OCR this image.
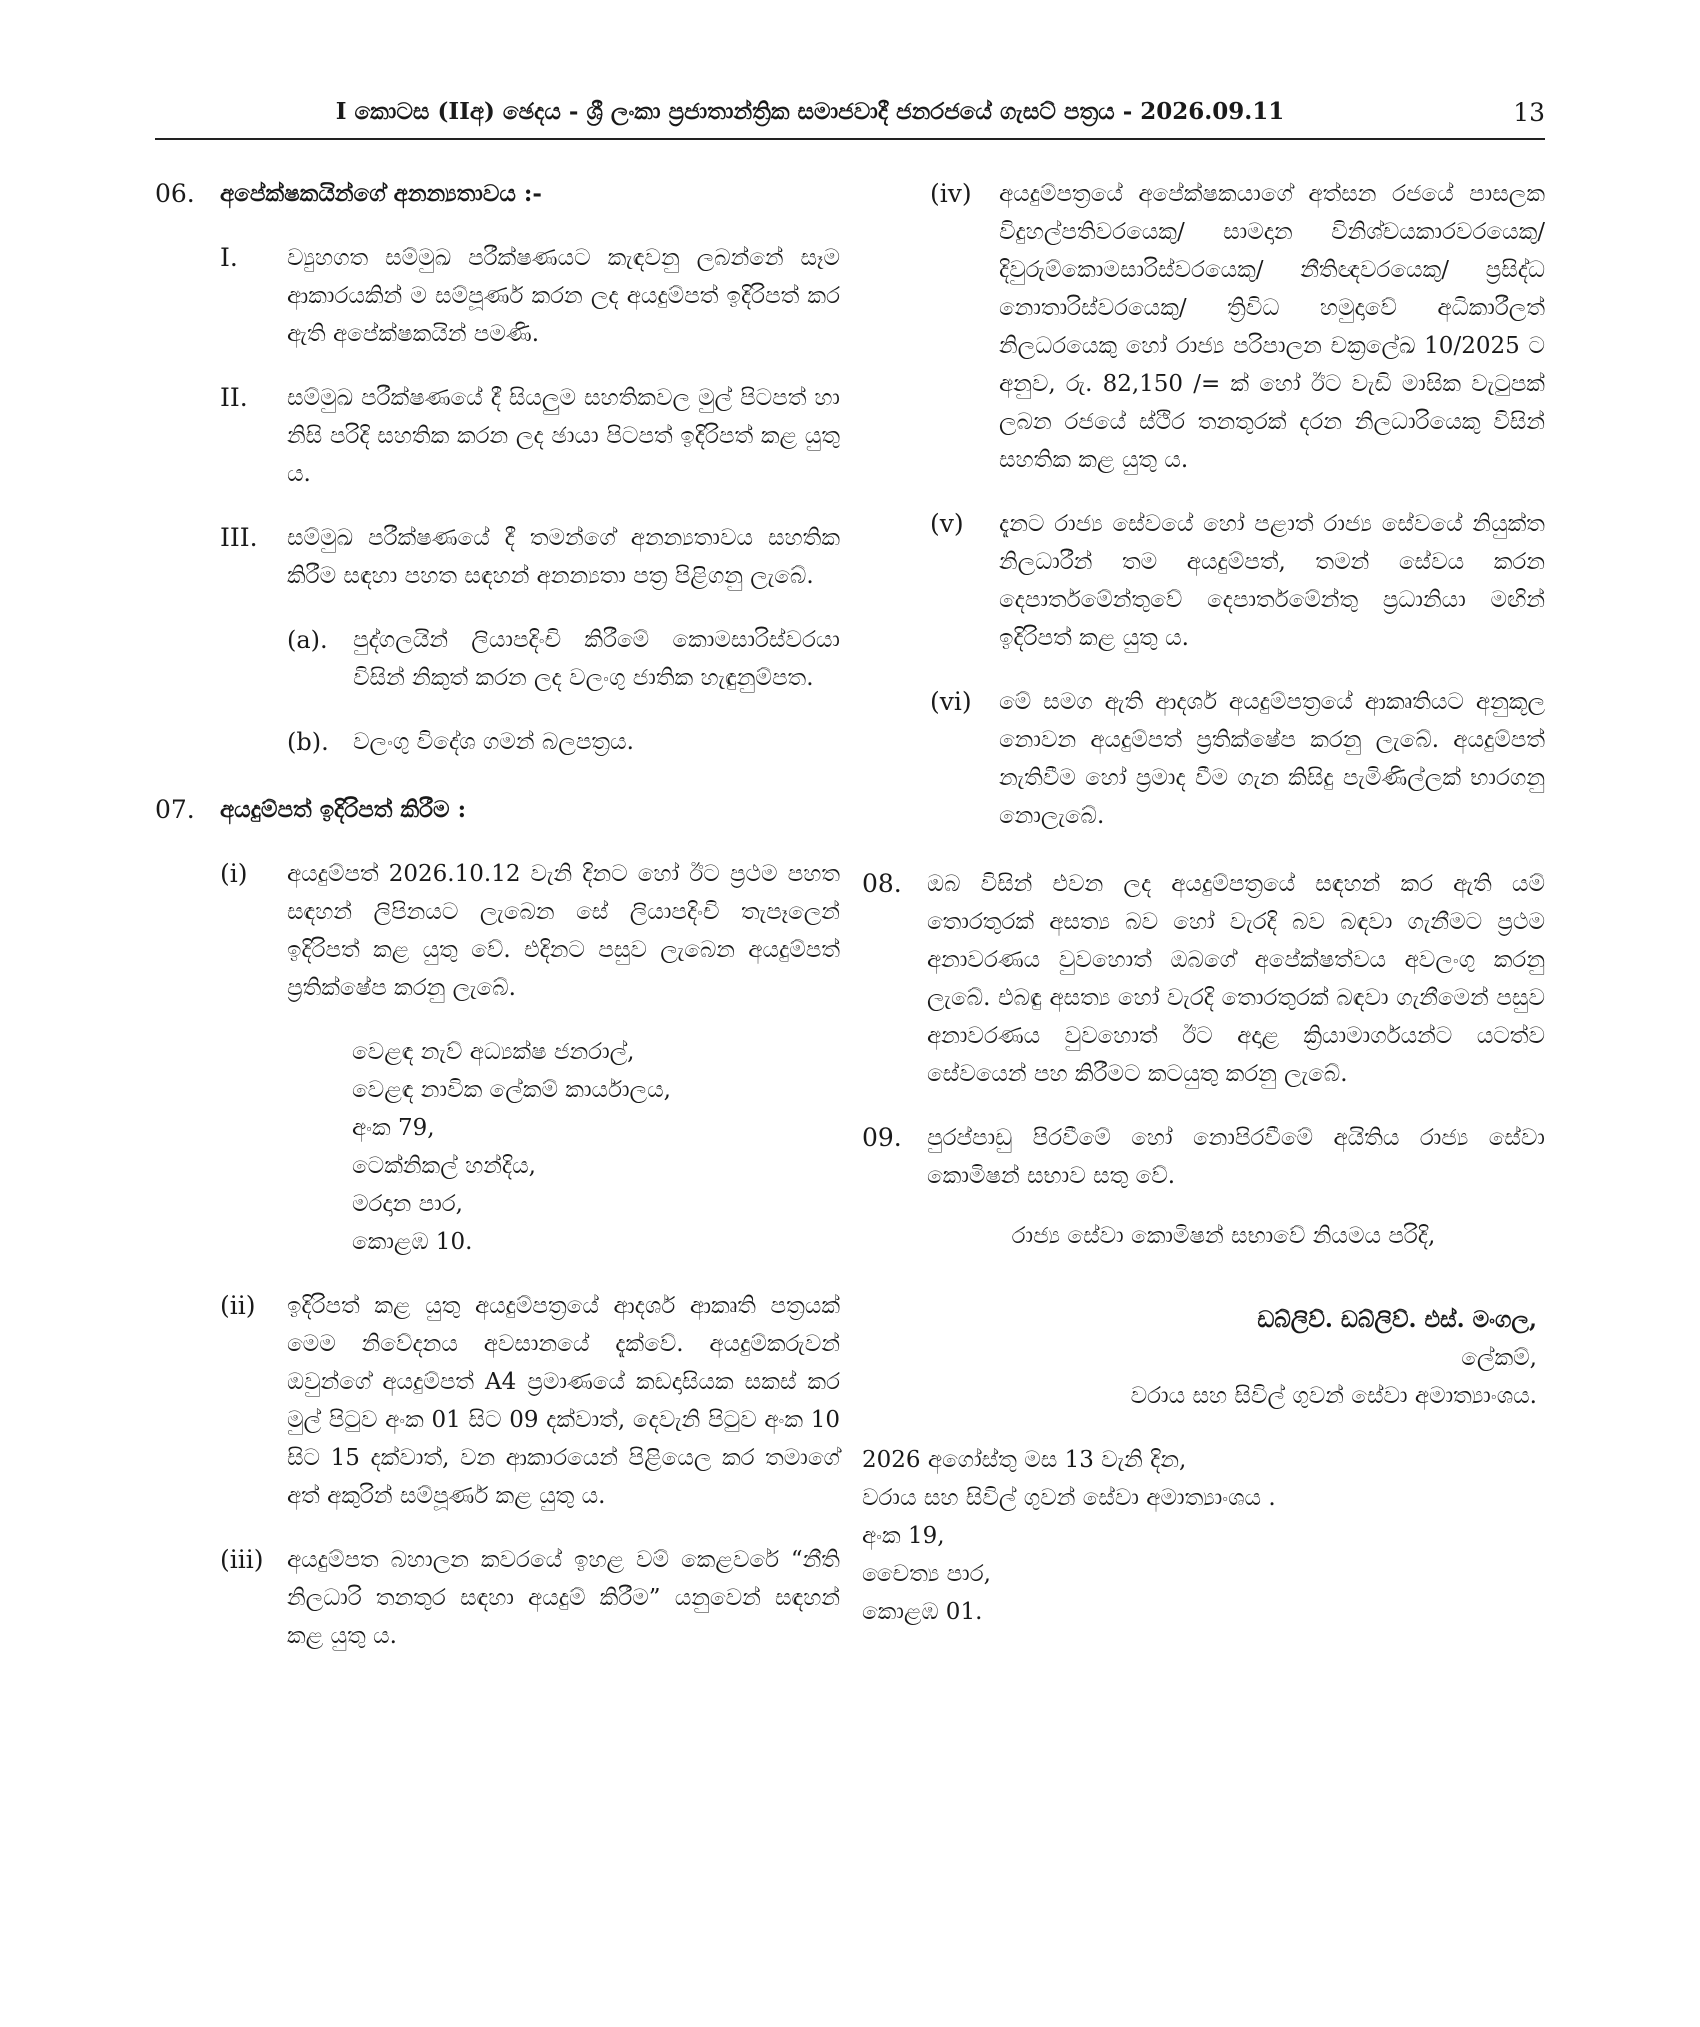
I කොටස (IIඅ) ඡෙදය - ශ්‍රී ලංකා ප්‍රජාතාන්ත්‍රික සමාජවාදී ජනරජයේ ගැසට් පත්‍රය - 2026.09.11	13
06. අපේක්ෂකයින්ගේ අනන්‍යතාවය :-
I. ව්‍යුහගත සම්මුඛ පරීක්ෂණයට කැඳවනු ලබන්නේ සෑම ආකාරයකින් ම සම්පූර්ණ කරන ලද අයදුම්පත් ඉදිරිපත් කර ඇති අපේක්ෂකයින් පමණි.
II. සම්මුඛ පරීක්ෂණයේ දී සියලුම සහතිකවල මුල් පිටපත් හා නිසි පරිදි සහතික කරන ලද ඡායා පිටපත් ඉදිරිපත් කළ යුතු ය.
III. සම්මුඛ පරීක්ෂණයේ දී තමන්ගේ අනන්‍යතාවය සහතික කිරීම සඳහා පහත සඳහන් අනන්‍යතා පත්‍ර පිළිගනු ලැබේ.
(a). පුද්ගලයින් ලියාපදිංචි කිරීමේ කොමසාරිස්වරයා විසින් නිකුත් කරන ලද වලංගු ජාතික හැඳුනුම්පත.
(b). වලංගු විදේශ ගමන් බලපත්‍රය.
07. අයදුම්පත් ඉදිරිපත් කිරීම :
(i) අයදුම්පත් 2026.10.12 වැනි දිනට හෝ ඊට ප්‍රථම පහත සඳහන් ලිපිනයට ලැබෙන සේ ලියාපදිංචි තැපෑලෙන් ඉදිරිපත් කළ යුතු වේ. එදිනට පසුව ලැබෙන අයදුම්පත් ප්‍රතික්ෂේප කරනු ලැබේ.
වෙළඳ නැව් අධ්‍යක්ෂ ජනරාල්,
වෙළඳ නාවික ලේකම් කාර්යාලය,
අංක 79,
ටෙක්නිකල් හන්දිය,
මරදාන පාර,
කොළඹ 10.
(ii) ඉදිරිපත් කළ යුතු අයදුම්පත්‍රයේ ආදර්ශ ආකෘති පත්‍රයක් මෙම නිවේදනය අවසානයේ දැක්වේ. අයදුම්කරුවන් ඔවුන්ගේ අයදුම්පත් A4 ප්‍රමාණයේ කඩදාසියක සකස් කර මුල් පිටුව අංක 01 සිට 09 දක්වාත්, දෙවැනි පිටුව අංක 10 සිට 15 දක්වාත්, වන ආකාරයෙන් පිළියෙල කර තමාගේ අත් අකුරින් සම්පූර්ණ කළ යුතු ය.
(iii) අයදුම්පත බහාලන කවරයේ ඉහළ වම් කෙළවරේ “නීති නිලධාරි තනතුර සඳහා අයදුම් කිරීම” යනුවෙන් සඳහන් කළ යුතු ය.
(iv) අයදුම්පත්‍රයේ අපේක්ෂකයාගේ අත්සන රජයේ පාසලක විදුහල්පතිවරයෙකු/ සාමදාන විනිශ්චයකාරවරයෙකු/දිවුරුම්කොමසාරිස්වරයෙකු/ නීතිඥවරයෙකු/ ප්‍රසිද්ධ නොතාරිස්වරයෙකු/ ත්‍රිවිධ හමුදාවේ අධිකාරීලත් නිලධරයෙකු හෝ රාජ්‍ය පරිපාලන චක්‍රලේඛ 10/2025 ට අනුව, රු. 82,150 /= ක් හෝ ඊට වැඩි මාසික වැටුපක් ලබන රජයේ ස්ථිර තනතුරක් දරන නිලධාරියෙකු විසින් සහතික කළ යුතු ය.
(v) දැනට රාජ්‍ය සේවයේ හෝ පළාත් රාජ්‍ය සේවයේ නියුක්ත නිලධාරීන් තම අයදුම්පත්, තමන් සේවය කරන දෙපාර්තමේන්තුවේ දෙපාර්තමේන්තු ප්‍රධානියා මඟින් ඉදිරිපත් කළ යුතු ය.
(vi) මේ සමග ඇති ආදර්ශ අයදුම්පත්‍රයේ ආකෘතියට අනුකූල නොවන අයදුම්පත් ප්‍රතික්ෂේප කරනු ලැබේ. අයදුම්පත් නැතිවීම හෝ ප්‍රමාද වීම ගැන කිසිදු පැමිණිල්ලක් භාරගනු නොලැබේ.
08. ඔබ විසින් එවන ලද අයදුම්පත්‍රයේ සඳහන් කර ඇති යම් තොරතුරක් අසත්‍ය බව හෝ වැරදි බව බඳවා ගැනීමට ප්‍රථම අනාවරණය වුවහොත් ඔබගේ අපේක්ෂත්වය අවලංගු කරනු ලැබේ. එබඳු අසත්‍ය හෝ වැරදි තොරතුරක් බඳවා ගැනීමෙන් පසුව අනාවරණය වුවහොත් ඊට අදාළ ක්‍රියාමාර්ගයන්ට යටත්ව සේවයෙන් පහ කිරීමට කටයුතු කරනු ලැබේ.
09. පුරප්පාඩු පිරවීමේ හෝ නොපිරවීමේ අයිතිය රාජ්‍ය සේවා කොමිෂන් සභාව සතු වේ.
රාජ්‍ය සේවා කොමිෂන් සභාවේ නියමය පරිදි,
ඩබ්ලිව්. ඩබ්ලිව්. එස්. මංගල,
ලේකම්,
වරාය සහ සිවිල් ගුවන් සේවා අමාත්‍යාංශය.
2026 අගෝස්තු මස 13 වැනි දින,
වරාය සහ සිවිල් ගුවන් සේවා අමාත්‍යාංශය .
අංක 19,
චෛත්‍ය පාර,
කොළඹ 01.
